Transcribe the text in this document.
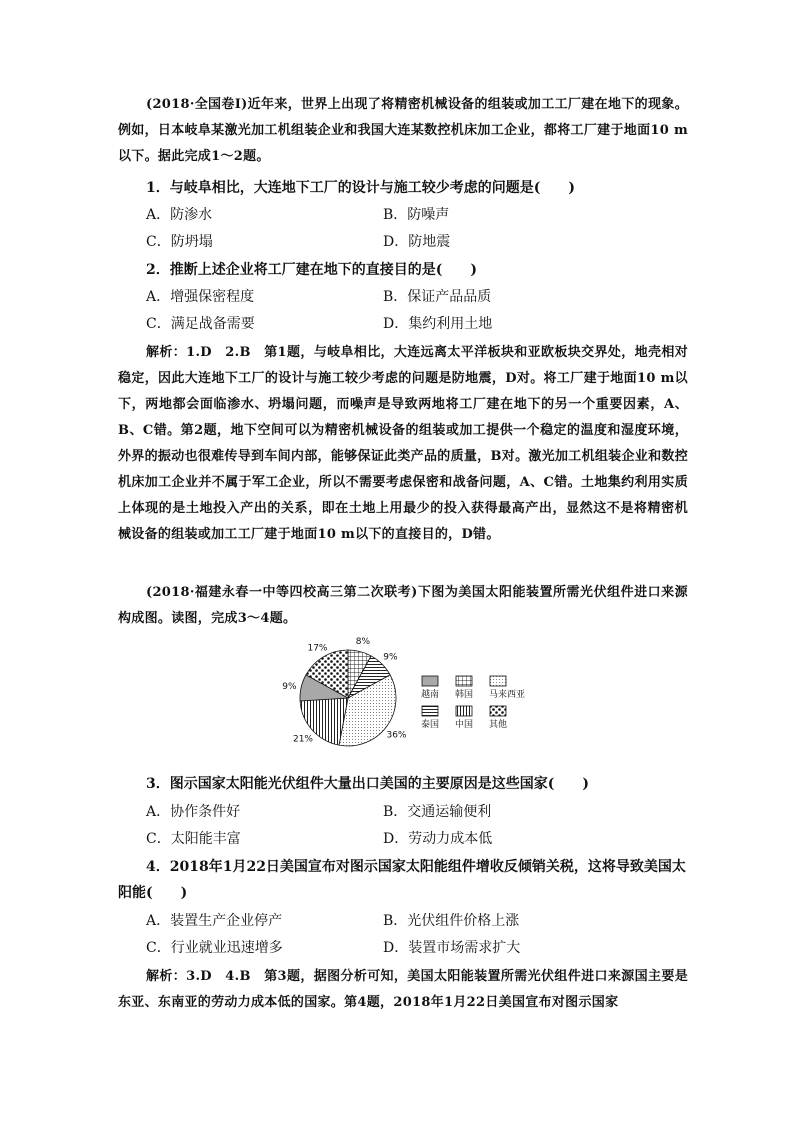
(2018·全国卷Ⅰ)近年来，世界上出现了将精密机械设备的组装或加工工厂建在地下的现象。例如，日本岐阜某激光加工机组装企业和我国大连某数控机床加工企业，都将工厂建于地面10 m以下。据此完成1～2题。
1．与岐阜相比，大连地下工厂的设计与施工较少考虑的问题是(　　)
A．防渗水	B．防噪声
C．防坍塌	D．防地震
2．推断上述企业将工厂建在地下的直接目的是(　　)
A．增强保密程度	B．保证产品品质
C．满足战备需要	D．集约利用土地
解析：1.D　2.B　第1题，与岐阜相比，大连远离太平洋板块和亚欧板块交界处，地壳相对稳定，因此大连地下工厂的设计与施工较少考虑的问题是防地震，D对。将工厂建于地面10 m以下，两地都会面临渗水、坍塌问题，而噪声是导致两地将工厂建在地下的另一个重要因素，A、B、C错。第2题，地下空间可以为精密机械设备的组装或加工提供一个稳定的温度和湿度环境，外界的振动也很难传导到车间内部，能够保证此类产品的质量，B对。激光加工机组装企业和数控机床加工企业并不属于军工企业，所以不需要考虑保密和战备问题，A、C错。土地集约利用实质上体现的是土地投入产出的关系，即在土地上用最少的投入获得最高产出，显然这不是将精密机械设备的组装或加工工厂建于地面10 m以下的直接目的，D错。
(2018·福建永春一中等四校高三第二次联考)下图为美国太阳能装置所需光伏组件进口来源构成图。读图，完成3～4题。
8%
9%
36%
21%
9%
17%
越南 韩国 马来西亚
泰国 中国 其他
3．图示国家太阳能光伏组件大量出口美国的主要原因是这些国家(　　)
A．协作条件好	B．交通运输便利
C．太阳能丰富	D．劳动力成本低
4．2018年1月22日美国宣布对图示国家太阳能组件增收反倾销关税，这将导致美国太阳能(　　)
A．装置生产企业停产	B．光伏组件价格上涨
C．行业就业迅速增多	D．装置市场需求扩大
解析：3.D　4.B　第3题，据图分析可知，美国太阳能装置所需光伏组件进口来源国主要是东亚、东南亚的劳动力成本低的国家。第4题，2018年1月22日美国宣布对图示国家
